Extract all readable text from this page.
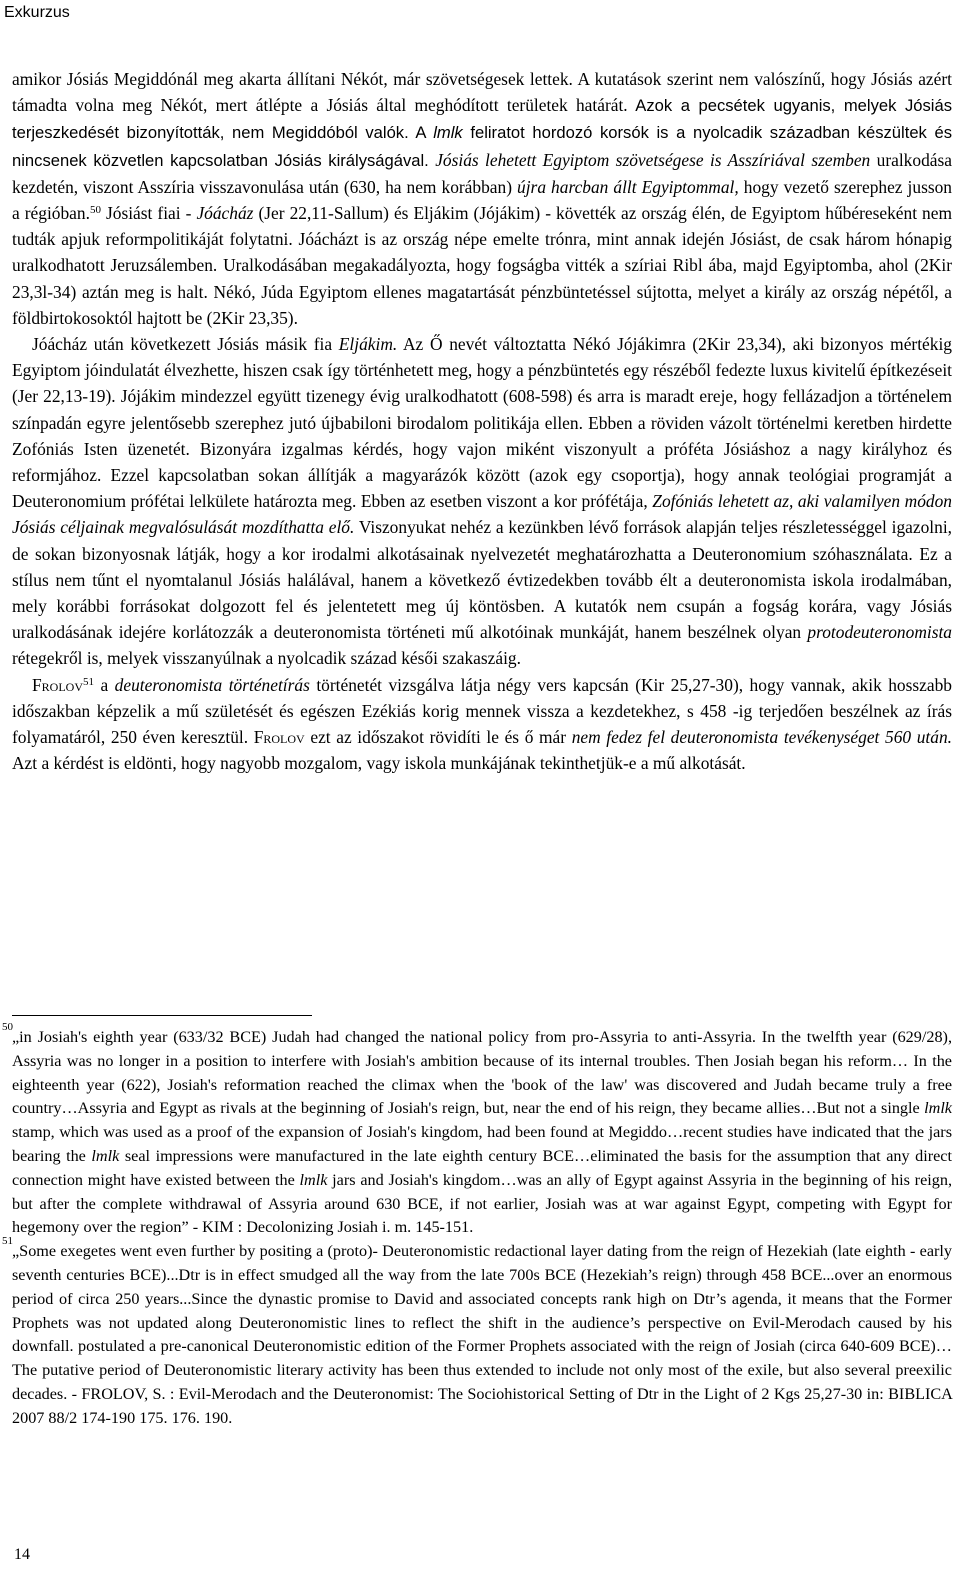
Exkurzus

amikor Jósiás Megiddónál meg akarta állítani Nékót, már szövetségesek lettek. A kutatások szerint nem valószínű, hogy Jósiás azért támadta volna meg Nékót, mert átlépte a Jósiás által meghódított területek határát. Azok a pecsétek ugyanis, melyek Jósiás terjeszkedését bizonyították, nem Megiddóból valók. A lmlk feliratot hordozó korsók is a nyolcadik században készültek és nincsenek közvetlen kapcsolatban Jósiás királyságával. Jósiás lehetett Egyiptom szövetségese is Asszíriával szemben uralkodása kezdetén, viszont Asszíria visszavonulása után (630, ha nem korábban) újra harcban állt Egyiptommal, hogy vezető szerephez jusson a régióban.$^{50}$ Jósiást fiai - Jóácház (Jer 22,11-Sallum) és Eljákim (Jójákim) - követték az ország élén, de Egyiptom hűbéreseként nem tudták apjuk reformpolitikáját folytatni. Jóácházt is az ország népe emelte trónra, mint annak idején Jósiást, de csak három hónapig uralkodhatott Jeruzsálemben. Uralkodásában megakadályozta, hogy fogságba vitték a szíriai Ribl ába, majd Egyiptomba, ahol (2Kir 23,3l-34) aztán meg is halt. Nékó, Júda Egyiptom ellenes magatartását pénzbüntetéssel sújtotta, melyet a király az ország népétől, a földbirtokosoktól hajtott be (2Kir 23,35).

Jóácház után következett Jósiás másik fia Eljákim. Az Ő nevét változtatta Nékó Jójákimra (2Kir 23,34), aki bizonyos mértékig Egyiptom jóindulatát élvezhette, hiszen csak így történhetett meg, hogy a pénzbüntetés egy részéből fedezte luxus kivitelű építkezéseit (Jer 22,13-19). Jójákim mindezzel együtt tizenegy évig uralkodhatott (608-598) és arra is maradt ereje, hogy fellázadjon a történelem színpadán egyre jelentősebb szerephez jutó újbabiloni birodalom politikája ellen. Ebben a röviden vázolt történelmi keretben hirdette Zofóniás Isten üzenetét. Bizonyára izgalmas kérdés, hogy vajon miként viszonyult a próféta Jósiáshoz a nagy királyhoz és reformjához. Ezzel kapcsolatban sokan állítják a magyarázók között (azok egy csoportja), hogy annak teológiai programját a Deuteronomium prófétai lelkülete határozta meg. Ebben az esetben viszont a kor prófétája, Zofóniás lehetett az, aki valamilyen módon Jósiás céljainak megvalósulását mozdíthatta elő. Viszonyukat nehéz a kezünkben lévő források alapján teljes részletességgel igazolni, de sokan bizonyosnak látják, hogy a kor irodalmi alkotásainak nyelvezetét meghatározhatta a Deuteronomium szóhasználata. Ez a stílus nem tűnt el nyomtalanul Jósiás halálával, hanem a következő évtizedekben tovább élt a deuteronomista iskola irodalmában, mely korábbi forrásokat dolgozott fel és jelentetett meg új köntösben. A kutatók nem csupán a fogság korára, vagy Jósiás uralkodásának idejére korlátozzák a deuteronomista történeti mű alkotóinak munkáját, hanem beszélnek olyan protodeuteronomista rétegekről is, melyek visszanyúlnak a nyolcadik század késői szakaszáig.

Frolov$^{51}$ a deuteronomista történetírás történetét vizsgálva látja négy vers kapcsán (Kir 25,27-30), hogy vannak, akik hosszabb időszakban képzelik a mű születését és egészen Ezékiás korig mennek vissza a kezdetekhez, s 458 -ig terjedően beszélnek az írás folyamatáról, 250 éven keresztül. Frolov ezt az időszakot rövidíti le és ő már nem fedez fel deuteronomista tevékenységet 560 után. Azt a kérdést is eldönti, hogy nagyobb mozgalom, vagy iskola munkájának tekinthetjük-e a mű alkotását.

50
„in Josiah's eighth year (633/32 BCE) Judah had changed the national policy from pro-Assyria to anti-Assyria. In the twelfth year (629/28), Assyria was no longer in a position to interfere with Josiah's ambition because of its internal troubles. Then Josiah began his reform… In the eighteenth year (622), Josiah's reformation reached the climax when the 'book of the law' was discovered and Judah became truly a free country…Assyria and Egypt as rivals at the beginning of Josiah's reign, but, near the end of his reign, they became allies…But not a single lmlk stamp, which was used as a proof of the expansion of Josiah's kingdom, had been found at Megiddo…recent studies have indicated that the jars bearing the lmlk seal impressions were manufactured in the late eighth century BCE…eliminated the basis for the assumption that any direct connection might have existed between the lmlk jars and Josiah's kingdom…was an ally of Egypt against Assyria in the beginning of his reign, but after the complete withdrawal of Assyria around 630 BCE, if not earlier, Josiah was at war against Egypt, competing with Egypt for hegemony over the region” - KIM : Decolonizing Josiah i. m. 145-151.

51
„Some exegetes went even further by positing a (proto)- Deuteronomistic redactional layer dating from the reign of Hezekiah (late eighth - early seventh centuries BCE)...Dtr is in effect smudged all the way from the late 700s BCE (Hezekiah’s reign) through 458 BCE...over an enormous period of circa 250 years...Since the dynastic promise to David and associated concepts rank high on Dtr’s agenda, it means that the Former Prophets was not updated along Deuteronomistic lines to reflect the shift in the audience’s perspective on Evil-Merodach caused by his downfall. postulated a pre-canonical Deuteronomistic edition of the Former Prophets associated with the reign of Josiah (circa 640-609 BCE)…The putative period of Deuteronomistic literary activity has been thus extended to include not only most of the exile, but also several preexilic decades. - FROLOV, S. : Evil-Merodach and the Deuteronomist: The Sociohistorical Setting of Dtr in the Light of 2 Kgs 25,27-30 in: BIBLICA 2007 88/2 174-190 175. 176. 190.

14
